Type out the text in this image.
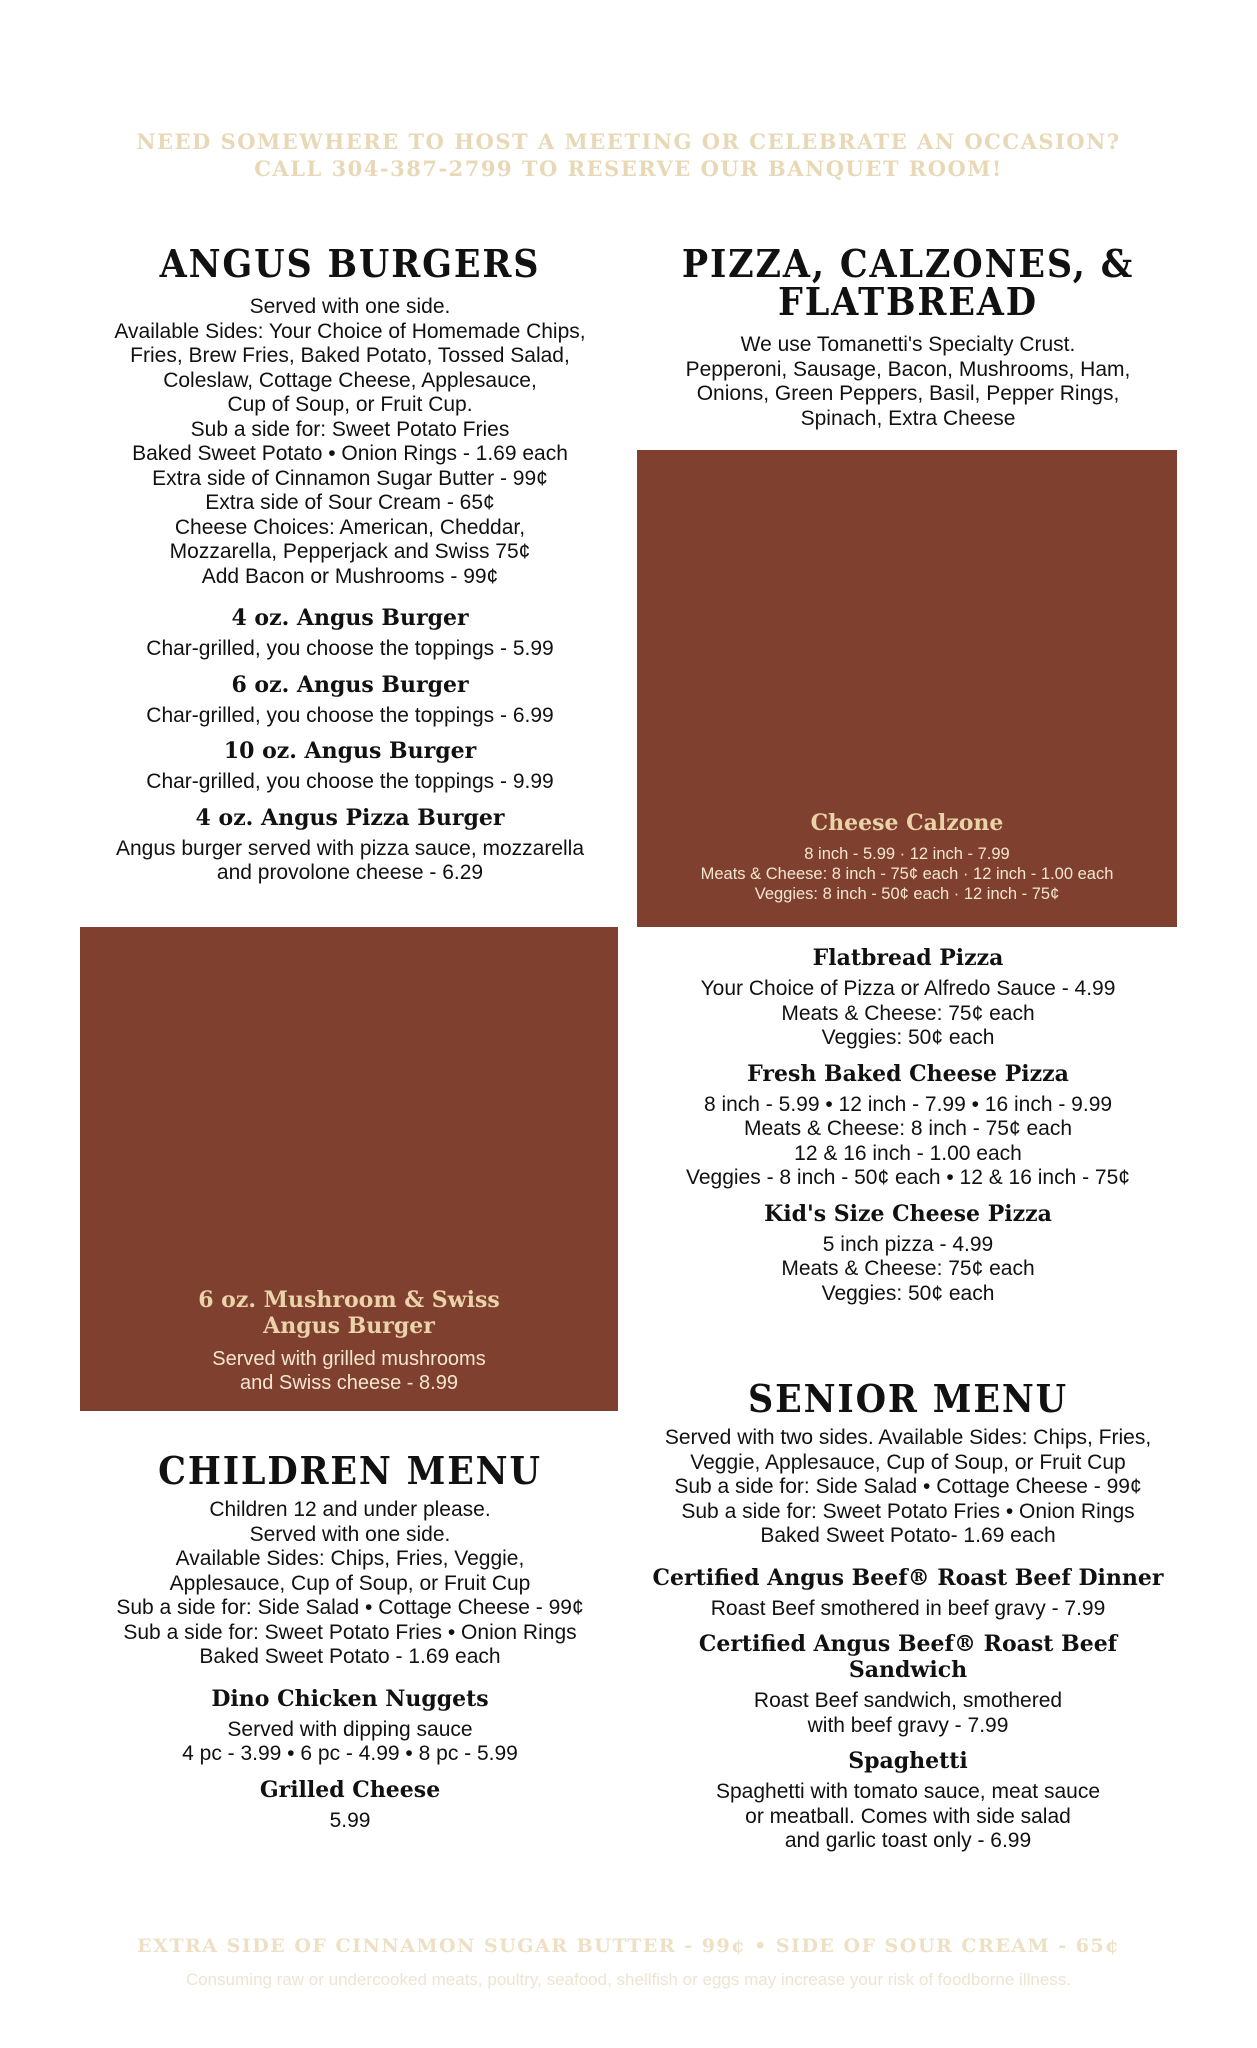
NEED SOMEWHERE TO HOST A MEETING OR CELEBRATE AN OCCASION?
CALL 304-387-2799 TO RESERVE OUR BANQUET ROOM!
ANGUS BURGERS
Served with one side.
Available Sides: Your Choice of Homemade Chips,
Fries, Brew Fries, Baked Potato, Tossed Salad,
Coleslaw, Cottage Cheese, Applesauce,
Cup of Soup, or Fruit Cup.
Sub a side for: Sweet Potato Fries
Baked Sweet Potato • Onion Rings - 1.69 each
Extra side of Cinnamon Sugar Butter - 99¢
Extra side of Sour Cream - 65¢
Cheese Choices: American, Cheddar,
Mozzarella, Pepperjack and Swiss 75¢
Add Bacon or Mushrooms - 99¢
4 oz. Angus Burger
Char-grilled, you choose the toppings - 5.99
6 oz. Angus Burger
Char-grilled, you choose the toppings - 6.99
10 oz. Angus Burger
Char-grilled, you choose the toppings - 9.99
4 oz. Angus Pizza Burger
Angus burger served with pizza sauce, mozzarella
and provolone cheese - 6.29
6 oz. Mushroom & Swiss
Angus Burger
Served with grilled mushrooms
and Swiss cheese - 8.99
CHILDREN MENU
Children 12 and under please.
Served with one side.
Available Sides: Chips, Fries, Veggie,
Applesauce, Cup of Soup, or Fruit Cup
Sub a side for: Side Salad • Cottage Cheese - 99¢
Sub a side for: Sweet Potato Fries • Onion Rings
Baked Sweet Potato - 1.69 each
Dino Chicken Nuggets
Served with dipping sauce
4 pc - 3.99 • 6 pc - 4.99 • 8 pc - 5.99
Grilled Cheese
5.99
PIZZA, CALZONES, &
FLATBREAD
We use Tomanetti's Specialty Crust.
Pepperoni, Sausage, Bacon, Mushrooms, Ham,
Onions, Green Peppers, Basil, Pepper Rings,
Spinach, Extra Cheese
Cheese Calzone
8 inch - 5.99 · 12 inch - 7.99
Meats & Cheese: 8 inch - 75¢ each · 12 inch - 1.00 each
Veggies: 8 inch - 50¢ each · 12 inch - 75¢
Flatbread Pizza
Your Choice of Pizza or Alfredo Sauce - 4.99
Meats & Cheese: 75¢ each
Veggies: 50¢ each
Fresh Baked Cheese Pizza
8 inch - 5.99 • 12 inch - 7.99 • 16 inch - 9.99
Meats & Cheese: 8 inch - 75¢ each
12 & 16 inch - 1.00 each
Veggies - 8 inch - 50¢ each • 12 & 16 inch - 75¢
Kid's Size Cheese Pizza
5 inch pizza - 4.99
Meats & Cheese: 75¢ each
Veggies: 50¢ each
SENIOR MENU
Served with two sides. Available Sides: Chips, Fries,
Veggie, Applesauce, Cup of Soup, or Fruit Cup
Sub a side for: Side Salad • Cottage Cheese - 99¢
Sub a side for: Sweet Potato Fries • Onion Rings
Baked Sweet Potato- 1.69 each
Certified Angus Beef® Roast Beef Dinner
Roast Beef smothered in beef gravy - 7.99
Certified Angus Beef® Roast Beef
Sandwich
Roast Beef sandwich, smothered
with beef gravy - 7.99
Spaghetti
Spaghetti with tomato sauce, meat sauce
or meatball. Comes with side salad
and garlic toast only - 6.99
EXTRA SIDE OF CINNAMON SUGAR BUTTER - 99¢ • SIDE OF SOUR CREAM - 65¢
Consuming raw or undercooked meats, poultry, seafood, shellfish or eggs may increase your risk of foodborne illness.
